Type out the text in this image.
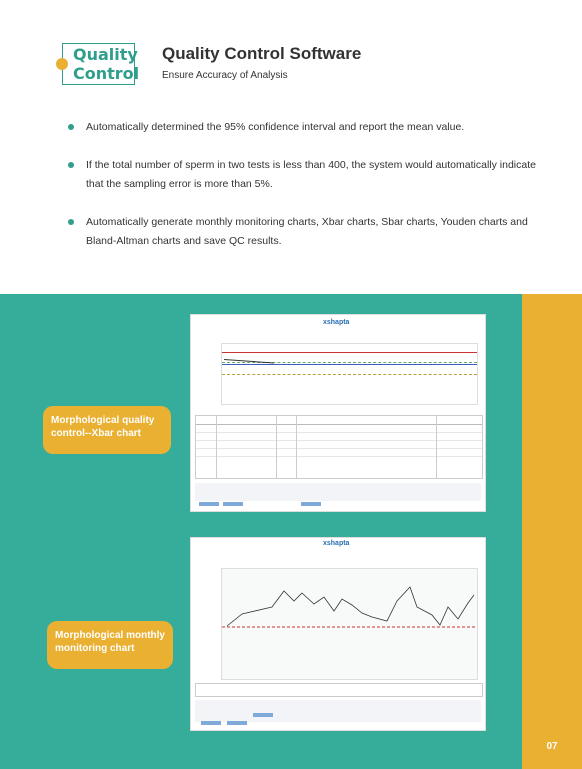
Quality
Control
Quality Control Software
Ensure Accuracy of Analysis
Automatically determined the 95% confidence interval and report the mean value.
If the total number of sperm in two tests is less than 400, the system would automatically indicate that the sampling error is more than 5%.
Automatically generate monthly monitoring charts, Xbar charts, Sbar charts, Youden charts and Bland-Altman charts and save QC results.
07
xshapta
Morphological quality control--Xbar chart
xshapta
Morphological monthly monitoring chart
